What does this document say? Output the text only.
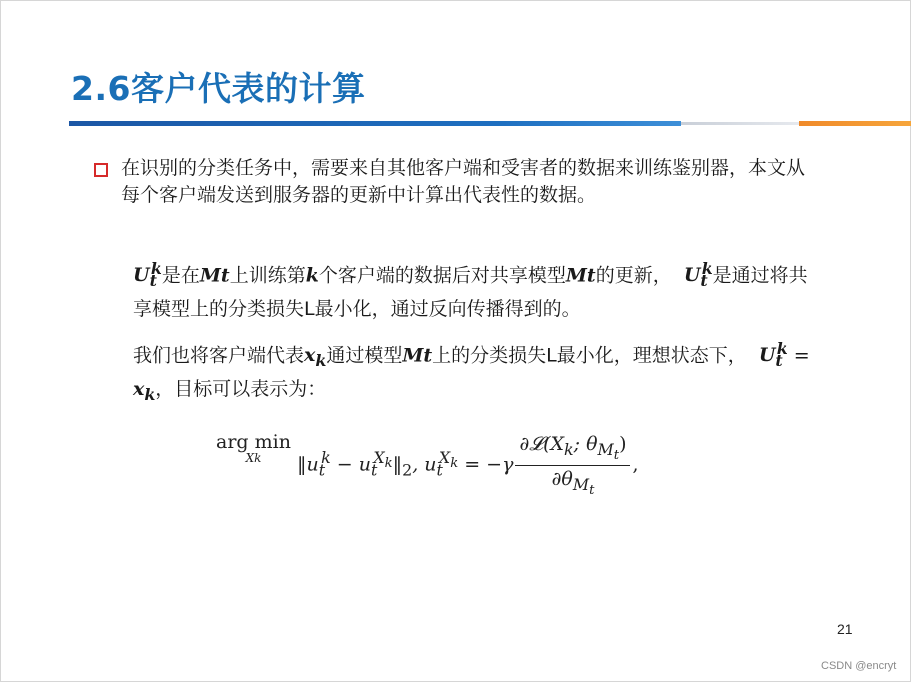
2.6客户代表的计算
在识别的分类任务中，需要来自其他客户端和受害者的数据来训练鉴别器，本文从每个客户端发送到服务器的更新中计算出代表性的数据。
$U_t^k$是在Mt上训练第k个客户端的数据后对共享模型Mt的更新， $U_t^k$是通过将共享模型上的分类损失L最小化，通过反向传播得到的。
我们也将客户端代表$x_k$通过模型Mt上的分类损失L最小化，理想状态下， $U_t^k = x_k$，目标可以表示为：
arg min
Xk	$‖u_t^k$ − $u_t^{X_k}‖_2$, $u_t^{X_k} = -\gamma \frac{\partial 𝓛(X_k; \theta_{M_t})}{\partial\theta_{M_t}}$ ,
21
CSDN @encryt
